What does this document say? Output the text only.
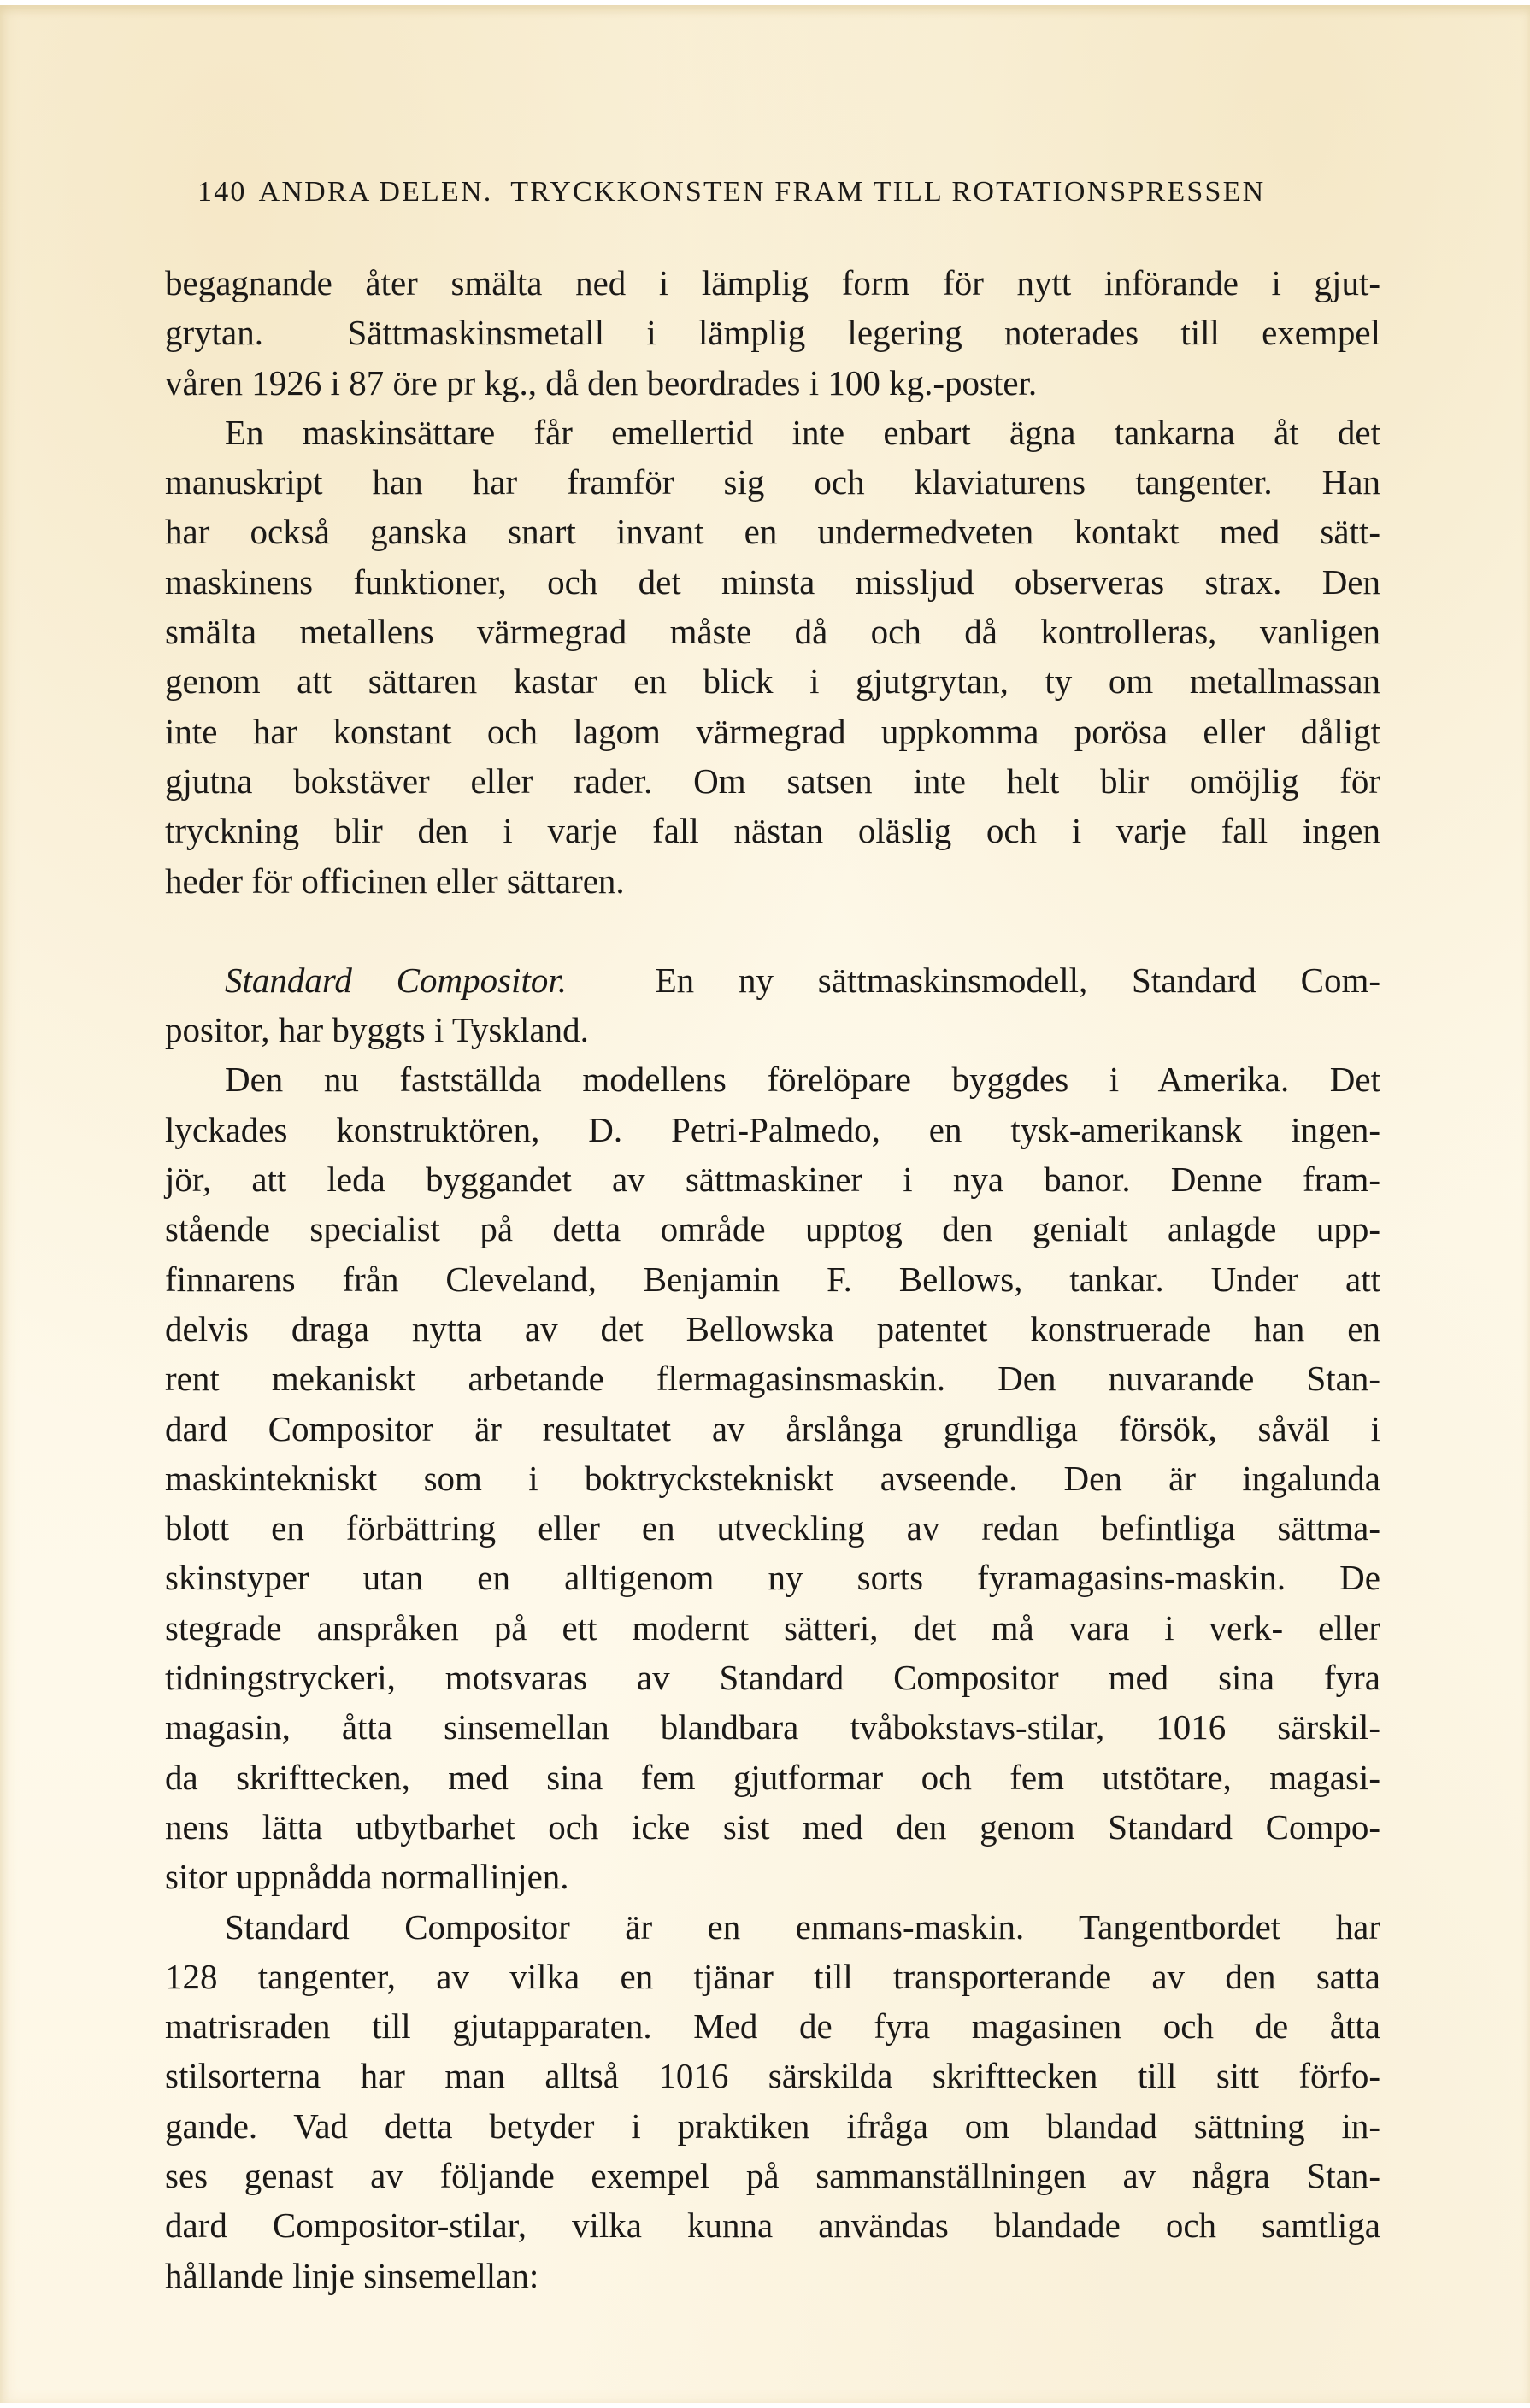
140 ANDRA DELEN.  TRYCKKONSTEN FRAM TILL ROTATIONSPRESSEN
begagnande åter smälta ned i lämplig form för nytt införande i gjut-
grytan.  Sättmaskinsmetall i lämplig legering noterades till exempel
våren 1926 i 87 öre pr kg., då den beordrades i 100 kg.-poster.
En maskinsättare får emellertid inte enbart ägna tankarna åt det
manuskript han har framför sig och klaviaturens tangenter. Han
har också ganska snart invant en undermedveten kontakt med sätt-
maskinens funktioner, och det minsta missljud observeras strax. Den
smälta metallens värmegrad måste då och då kontrolleras, vanligen
genom att sättaren kastar en blick i gjutgrytan, ty om metallmassan
inte har konstant och lagom värmegrad uppkomma porösa eller dåligt
gjutna bokstäver eller rader. Om satsen inte helt blir omöjlig för
tryckning blir den i varje fall nästan oläslig och i varje fall ingen
heder för officinen eller sättaren.
Standard Compositor.	En ny sättmaskinsmodell, Standard Com-
positor, har byggts i Tyskland.
Den nu fastställda modellens förelöpare byggdes i Amerika. Det
lyckades konstruktören, D. Petri-Palmedo, en tysk-amerikansk ingen-
jör, att leda byggandet av sättmaskiner i nya banor. Denne fram-
stående specialist på detta område upptog den genialt anlagde upp-
finnarens från Cleveland, Benjamin F. Bellows, tankar. Under att
delvis draga nytta av det Bellowska patentet konstruerade han en
rent mekaniskt arbetande flermagasinsmaskin. Den nuvarande Stan-
dard Compositor är resultatet av årslånga grundliga försök, såväl i
maskintekniskt som i boktryckstekniskt avseende. Den är ingalunda
blott en förbättring eller en utveckling av redan befintliga sättma-
skinstyper utan en alltigenom ny sorts fyramagasins-maskin. De
stegrade anspråken på ett modernt sätteri, det må vara i verk- eller
tidningstryckeri, motsvaras av Standard Compositor med sina fyra
magasin, åtta sinsemellan blandbara tvåbokstavs-stilar, 1016 särskil-
da skrifttecken, med sina fem gjutformar och fem utstötare, magasi-
nens lätta utbytbarhet och icke sist med den genom Standard Compo-
sitor uppnådda normallinjen.
Standard Compositor är en enmans-maskin. Tangentbordet har
128 tangenter, av vilka en tjänar till transporterande av den satta
matrisraden till gjutapparaten. Med de fyra magasinen och de åtta
stilsorterna har man alltså 1016 särskilda skrifttecken till sitt förfo-
gande. Vad detta betyder i praktiken ifråga om blandad sättning in-
ses genast av följande exempel på sammanställningen av några Stan-
dard Compositor-stilar, vilka kunna användas blandade och samtliga
hållande linje sinsemellan:
